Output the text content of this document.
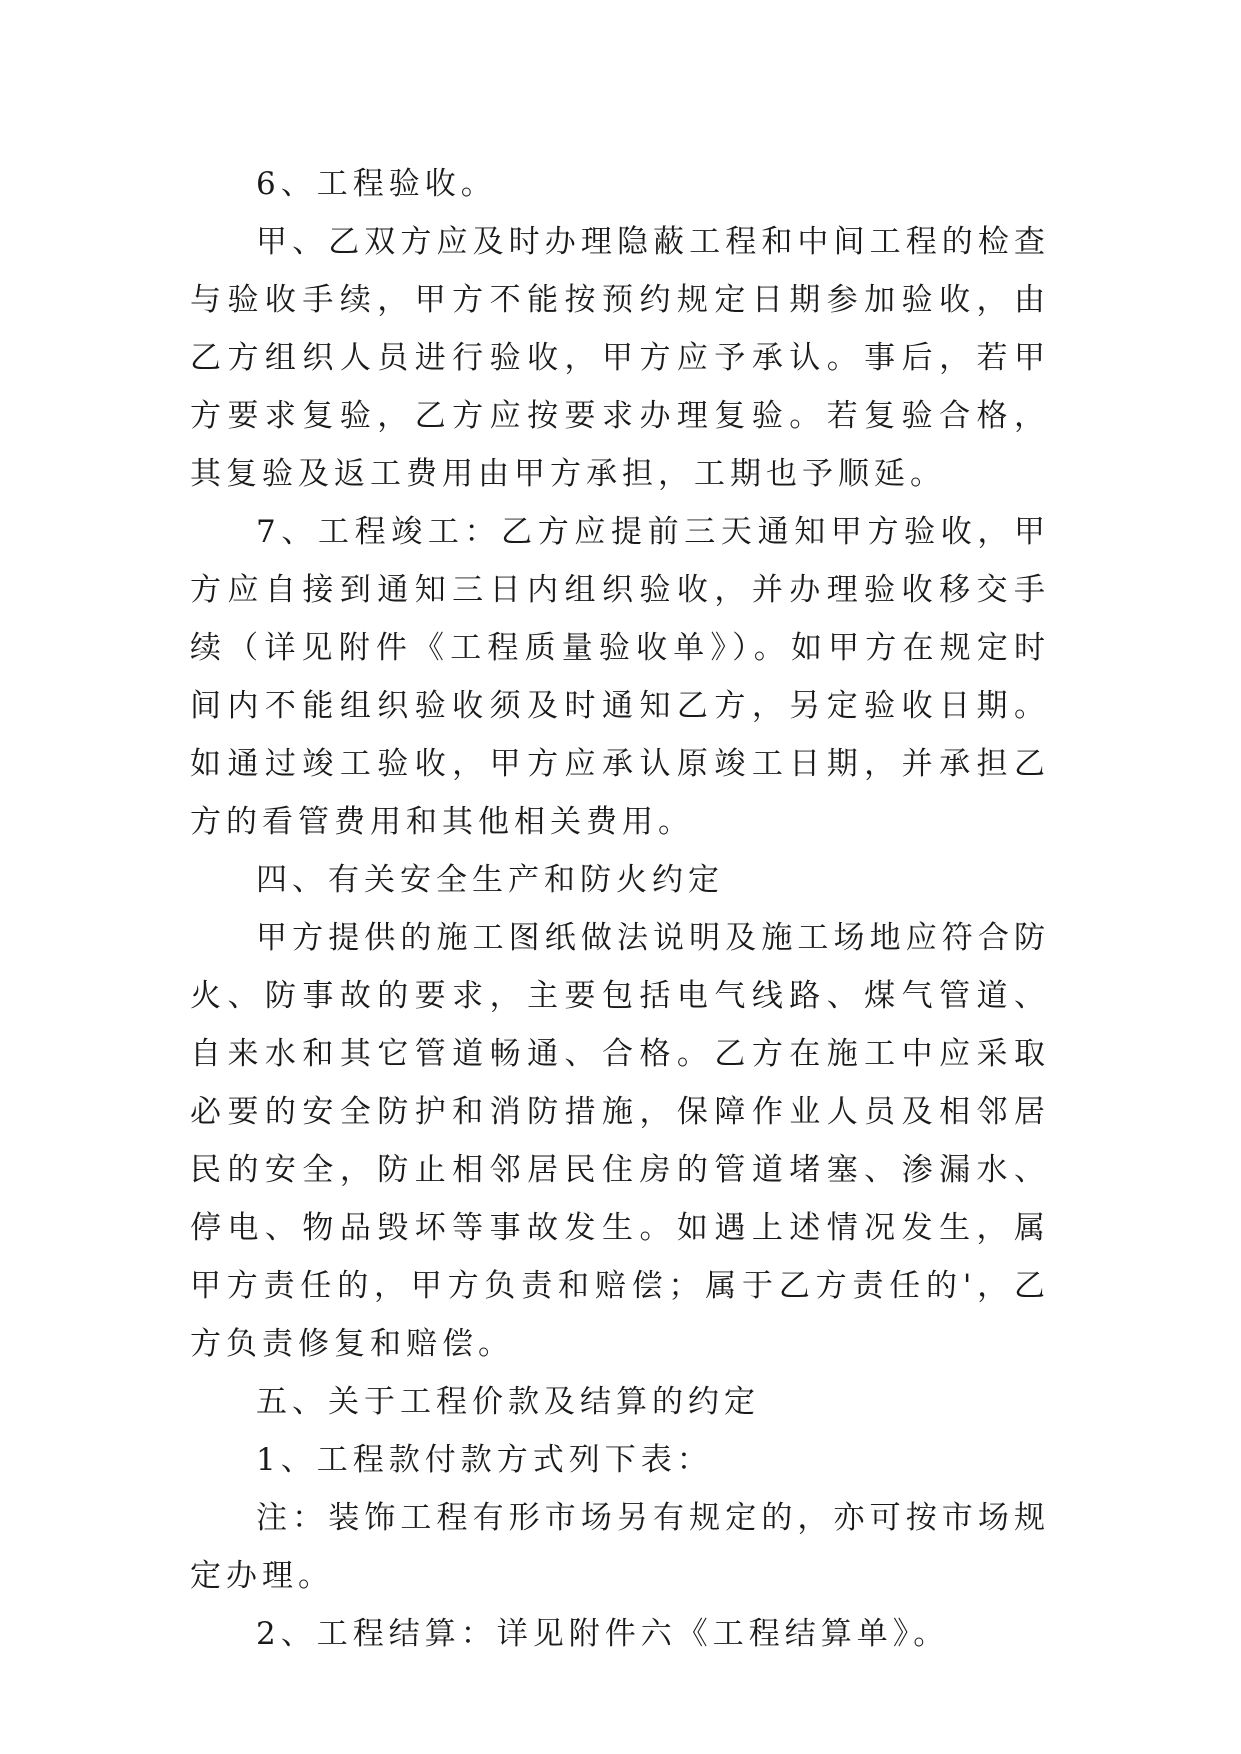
6、工程验收。

甲、乙双方应及时办理隐蔽工程和中间工程的检查与验收手续，甲方不能按预约规定日期参加验收，由乙方组织人员进行验收，甲方应予承认。事后，若甲方要求复验，乙方应按要求办理复验。若复验合格，其复验及返工费用由甲方承担，工期也予顺延。

7、工程竣工：乙方应提前三天通知甲方验收，甲方应自接到通知三日内组织验收，并办理验收移交手续（详见附件《工程质量验收单》）。如甲方在规定时间内不能组织验收须及时通知乙方，另定验收日期。如通过竣工验收，甲方应承认原竣工日期，并承担乙方的看管费用和其他相关费用。

四、有关安全生产和防火约定

甲方提供的施工图纸做法说明及施工场地应符合防火、防事故的要求，主要包括电气线路、煤气管道、自来水和其它管道畅通、合格。乙方在施工中应采取必要的安全防护和消防措施，保障作业人员及相邻居民的安全，防止相邻居民住房的管道堵塞、渗漏水、停电、物品毁坏等事故发生。如遇上述情况发生，属甲方责任的，甲方负责和赔偿；属于乙方责任的'，乙方负责修复和赔偿。

五、关于工程价款及结算的约定

1、工程款付款方式列下表：

注：装饰工程有形市场另有规定的，亦可按市场规定办理。

2、工程结算：详见附件六《工程结算单》。
